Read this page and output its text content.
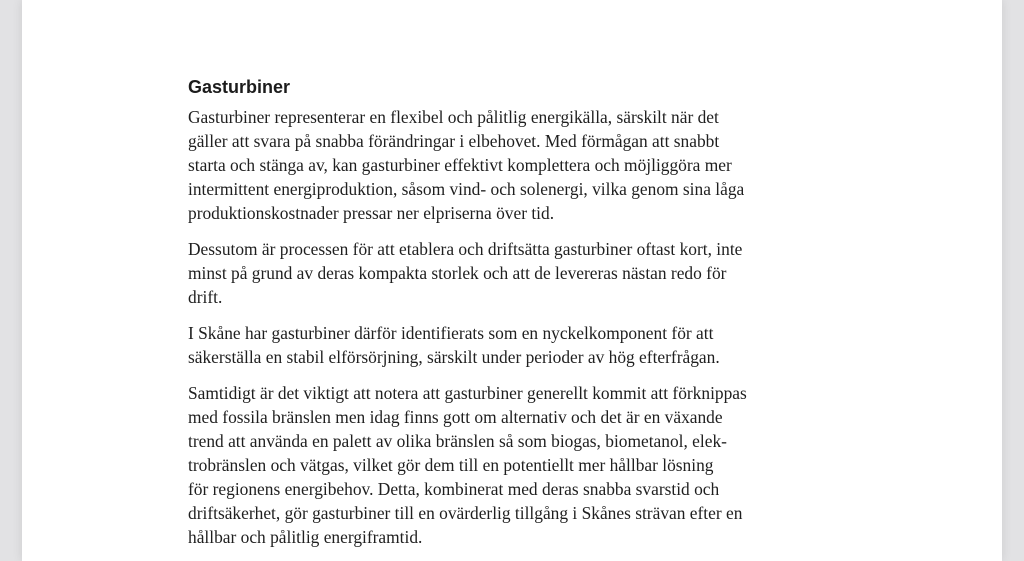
Gasturbiner

Gasturbiner representerar en flexibel och pålitlig energikälla, särskilt när det
gäller att svara på snabba förändringar i elbehovet. Med förmågan att snabbt
starta och stänga av, kan gasturbiner effektivt komplettera och möjliggöra mer
intermittent energiproduktion, såsom vind- och solenergi, vilka genom sina låga
produktionskostnader pressar ner elpriserna över tid.

Dessutom är processen för att etablera och driftsätta gasturbiner oftast kort, inte
minst på grund av deras kompakta storlek och att de levereras nästan redo för
drift.

I Skåne har gasturbiner därför identifierats som en nyckelkomponent för att
säkerställa en stabil elförsörjning, särskilt under perioder av hög efterfrågan.

Samtidigt är det viktigt att notera att gasturbiner generellt kommit att förknippas
med fossila bränslen men idag finns gott om alternativ och det är en växande
trend att använda en palett av olika bränslen så som biogas, biometanol, elek-
trobränslen och vätgas, vilket gör dem till en potentiellt mer hållbar lösning
för regionens energibehov. Detta, kombinerat med deras snabba svarstid och
driftsäkerhet, gör gasturbiner till en ovärderlig tillgång i Skånes strävan efter en
hållbar och pålitlig energiframtid.
